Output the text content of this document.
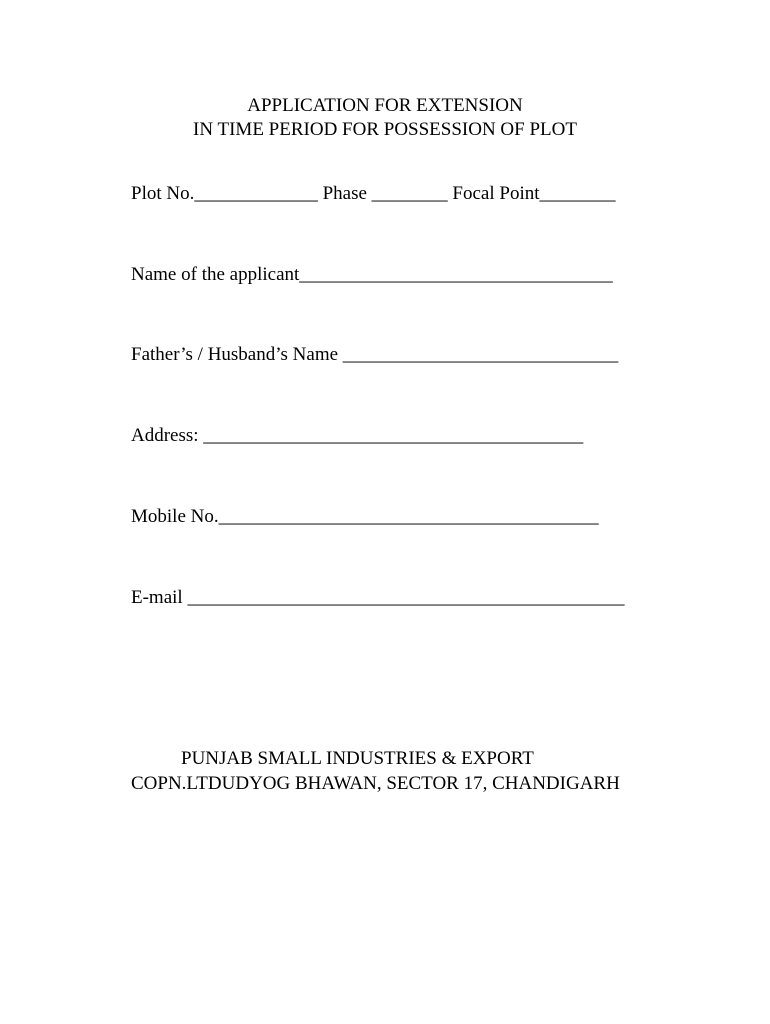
APPLICATION FOR EXTENSION
IN TIME PERIOD FOR POSSESSION OF PLOT
Plot No._____________ Phase ________ Focal Point________
Name of the applicant_________________________________
Father’s / Husband’s Name _____________________________
Address: ________________________________________
Mobile No.________________________________________
E-mail ______________________________________________
PUNJAB SMALL INDUSTRIES & EXPORT
COPN.LTDUDYOG BHAWAN, SECTOR 17, CHANDIGARH
